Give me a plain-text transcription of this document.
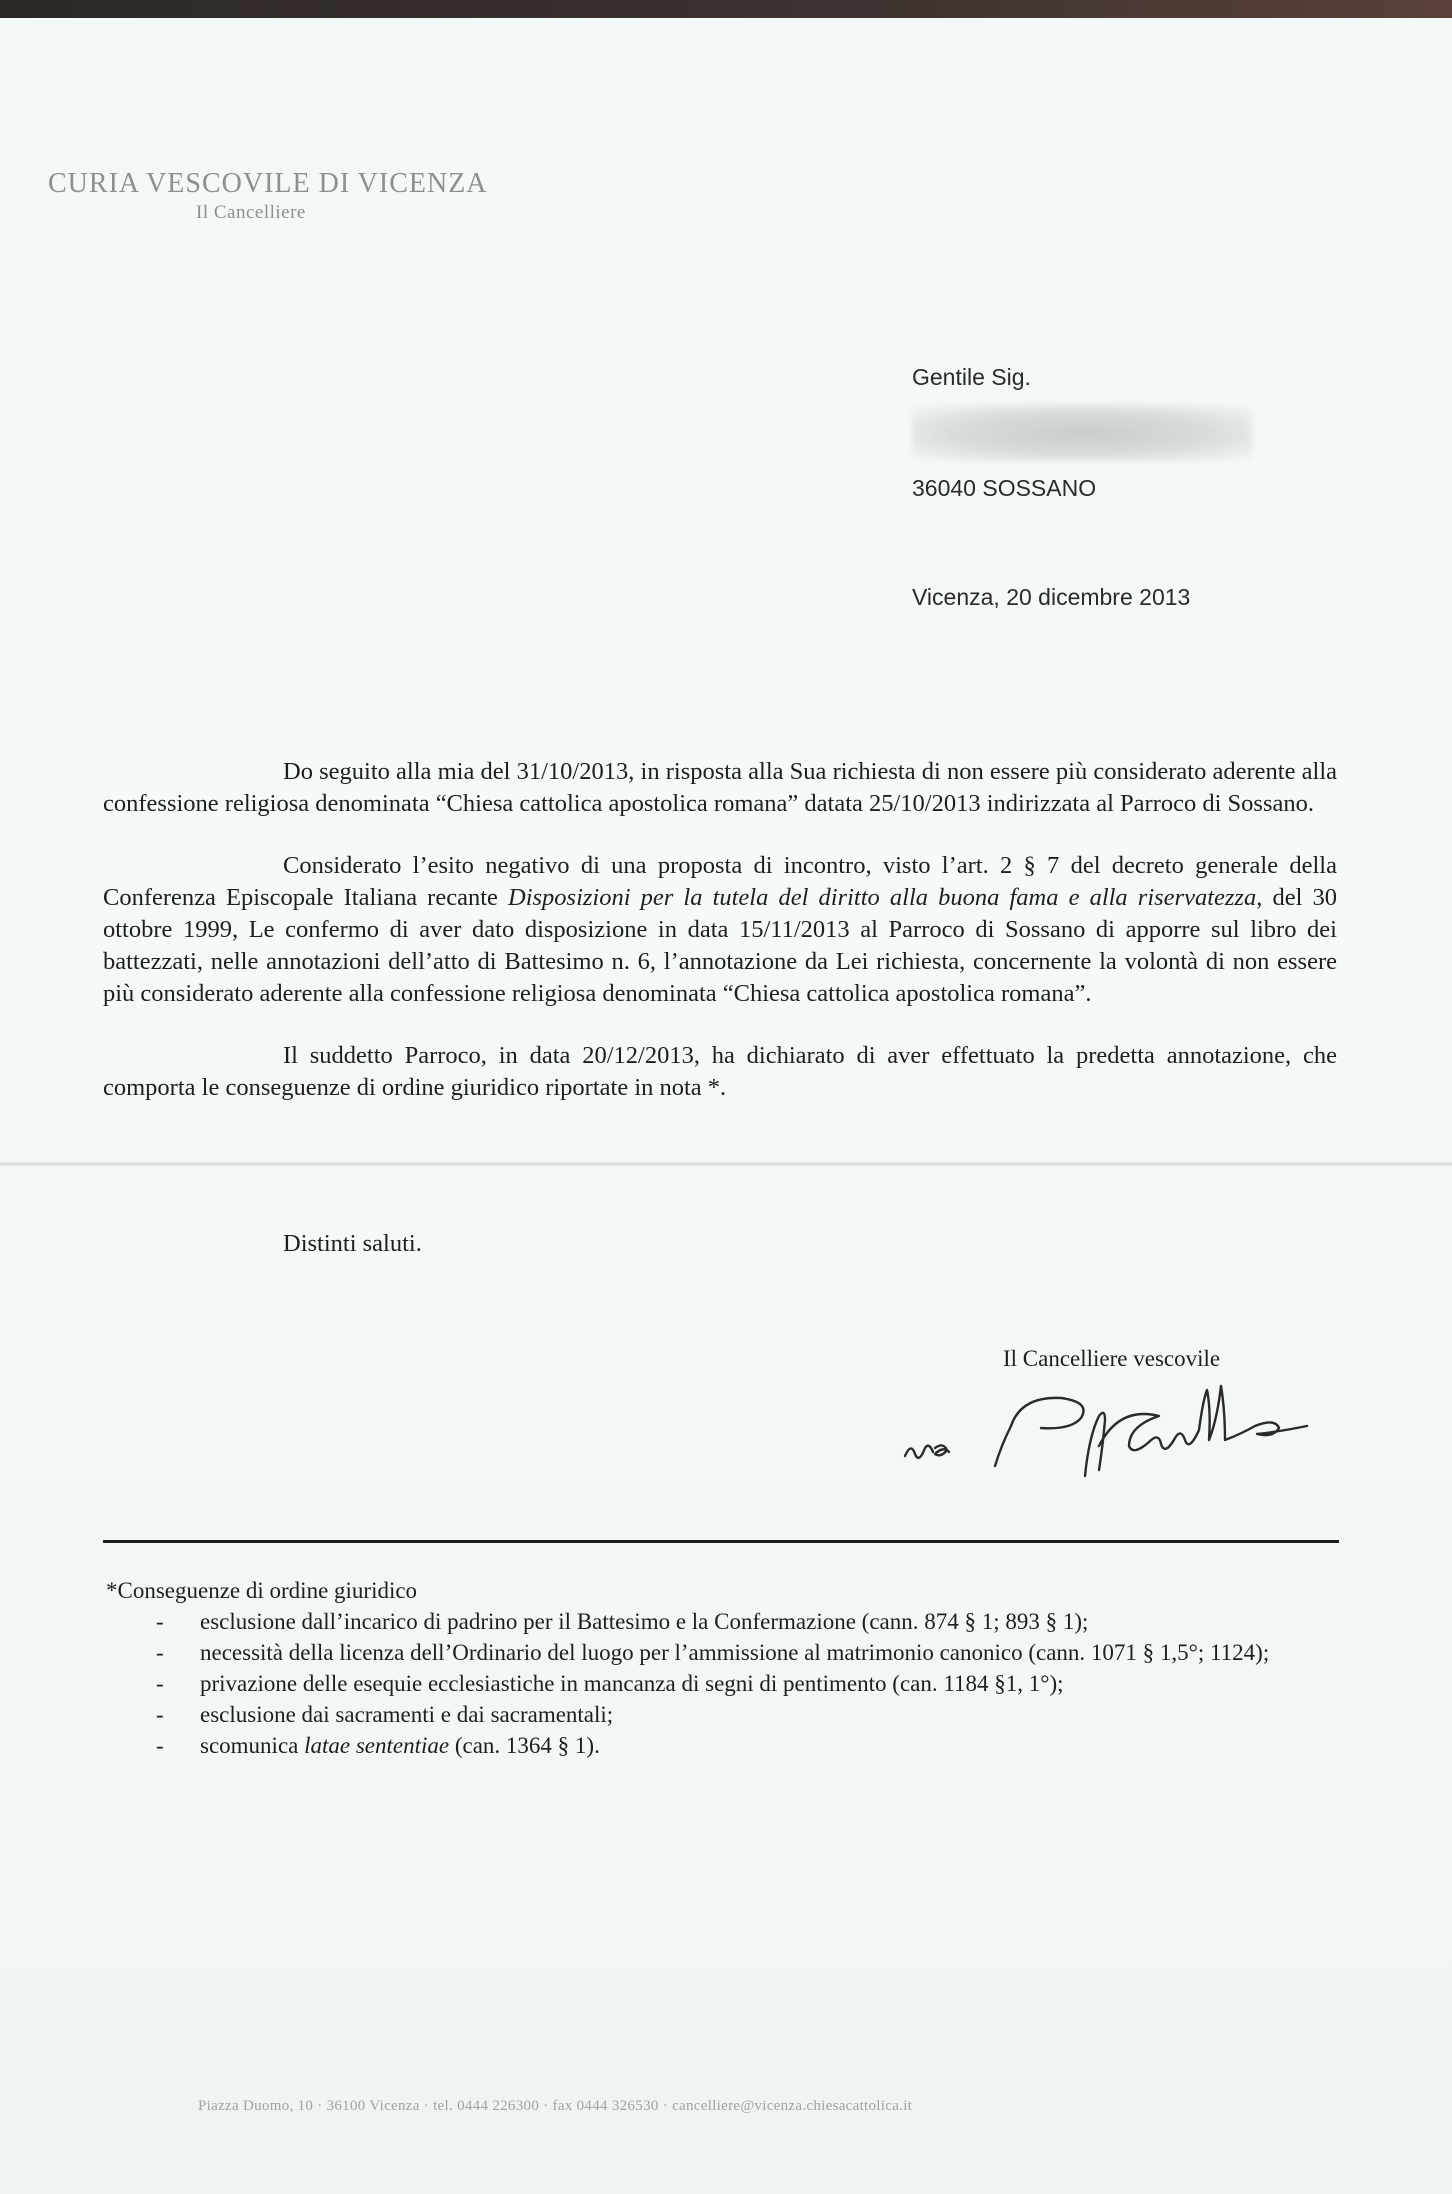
CURIA VESCOVILE DI VICENZA
Il Cancelliere
Gentile Sig.
36040 SOSSANO
Vicenza, 20 dicembre 2013

Do seguito alla mia del 31/10/2013, in risposta alla Sua richiesta di non essere più considerato aderente alla confessione religiosa denominata “Chiesa cattolica apostolica romana” datata 25/10/2013 indirizzata al Parroco di Sossano.

Considerato l’esito negativo di una proposta di incontro, visto l’art. 2 § 7 del decreto generale della Conferenza Episcopale Italiana recante Disposizioni per la tutela del diritto alla buona fama e alla riservatezza, del 30 ottobre 1999, Le confermo di aver dato disposizione in data 15/11/2013 al Parroco di Sossano di apporre sul libro dei battezzati, nelle annotazioni dell’atto di Battesimo n. 6, l’annotazione da Lei richiesta, concernente la volontà di non essere più considerato aderente alla confessione religiosa denominata “Chiesa cattolica apostolica romana”.

Il suddetto Parroco, in data 20/12/2013, ha dichiarato di aver effettuato la predetta annotazione, che comporta le conseguenze di ordine giuridico riportate in nota *.

Distinti saluti.
Il Cancelliere vescovile
*Conseguenze di ordine giuridico
- esclusione dall’incarico di padrino per il Battesimo e la Confermazione (cann. 874 § 1; 893 § 1);
- necessità della licenza dell’Ordinario del luogo per l’ammissione al matrimonio canonico (cann. 1071 § 1,5°; 1124);
- privazione delle esequie ecclesiastiche in mancanza di segni di pentimento (can. 1184 §1, 1°);
- esclusione dai sacramenti e dai sacramentali;
- scomunica latae sententiae (can. 1364 § 1).
Piazza Duomo, 10 · 36100 Vicenza · tel. 0444 226300 · fax 0444 326530 · cancelliere@vicenza.chiesacattolica.it
